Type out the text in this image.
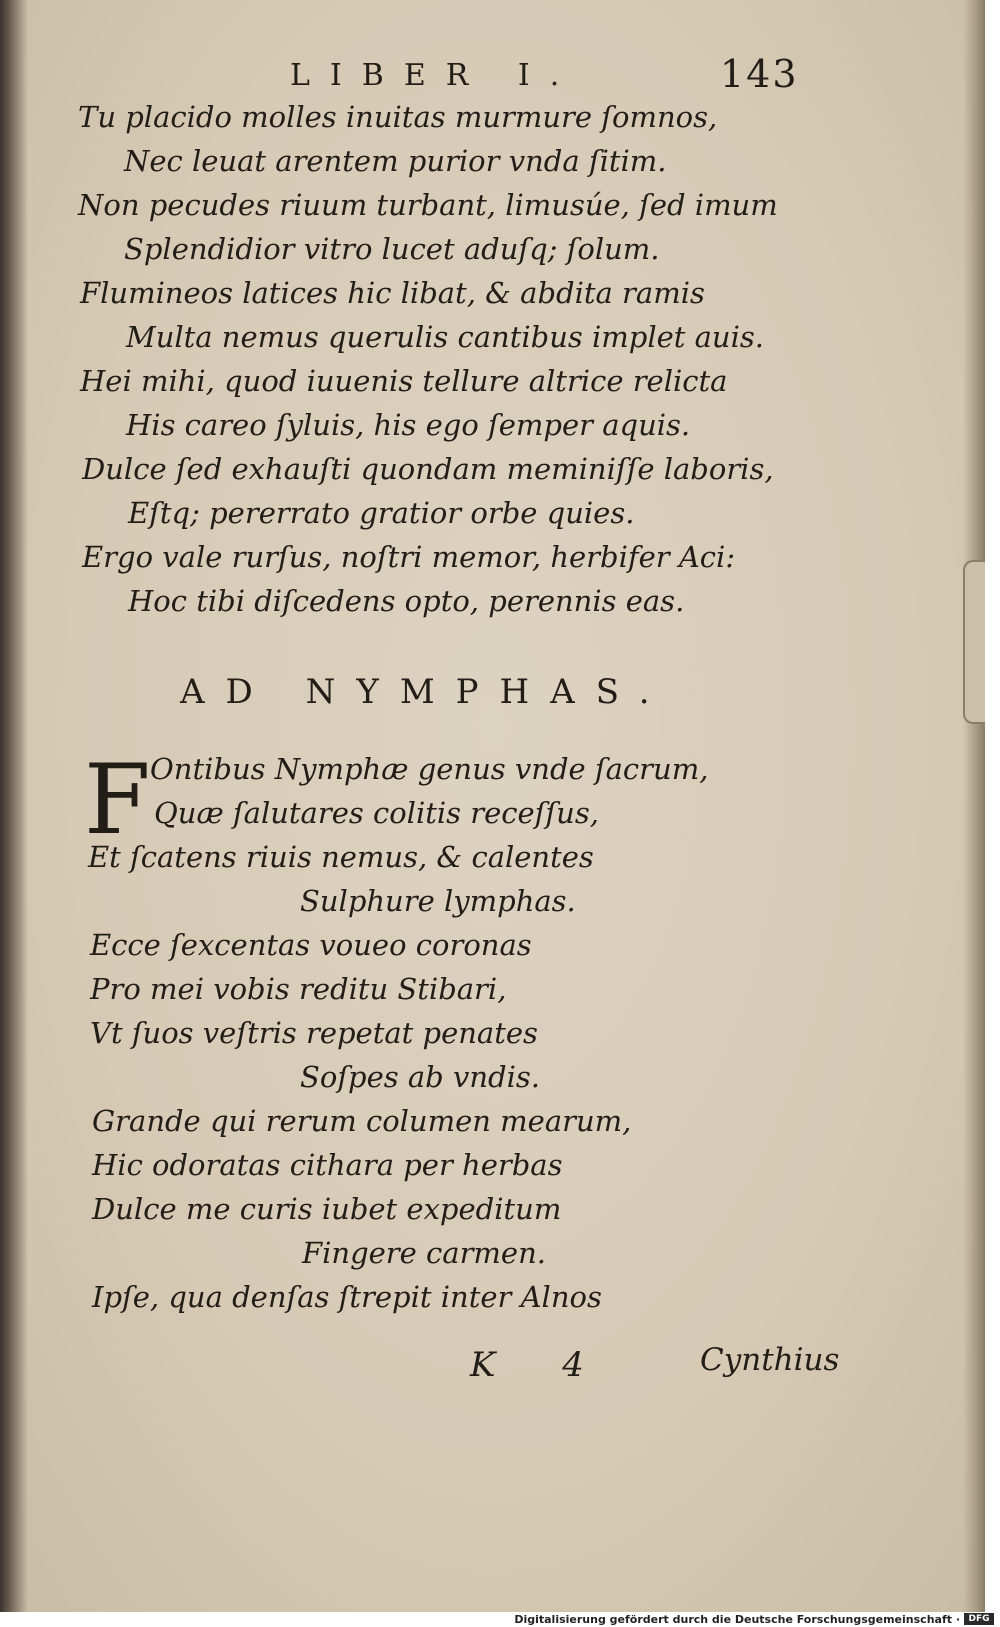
LIBER I.	143

Tu placido molles inuitas murmure ſomnos,

Nec leuat arentem purior vnda ſitim.

Non pecudes riuum turbant, limusúe, ſed imum

Splendidior vitro lucet aduſq; ſolum.

Flumineos latices hic libat, & abdita ramis

Multa nemus querulis cantibus implet auis.

Hei mihi, quod iuuenis tellure altrice relicta

His careo ſyluis, his ego ſemper aquis.

Dulce ſed exhauſti quondam meminiſſe laboris,

Eſtq; pererrato gratior orbe quies.

Ergo vale rurſus, noſtri memor, herbifer Aci:

Hoc tibi diſcedens opto, perennis eas.

AD NYMPHAS.
F Ontibus Nymphæ genus vnde ſacrum,

Quæ ſalutares colitis receſſus,

Et ſcatens riuis nemus, & calentes

Sulphure lymphas.

Ecce ſexcentas voueo coronas

Pro mei vobis reditu Stibari,

Vt ſuos veſtris repetat penates

Soſpes ab vndis.

Grande qui rerum columen mearum,

Hic odoratas cithara per herbas

Dulce me curis iubet expeditum

Fingere carmen.

Ipſe, qua denſas ſtrepit inter Alnos

K 4	Cynthius
Digitalisierung gefördert durch die Deutsche Forschungsgemeinschaft · DFG
